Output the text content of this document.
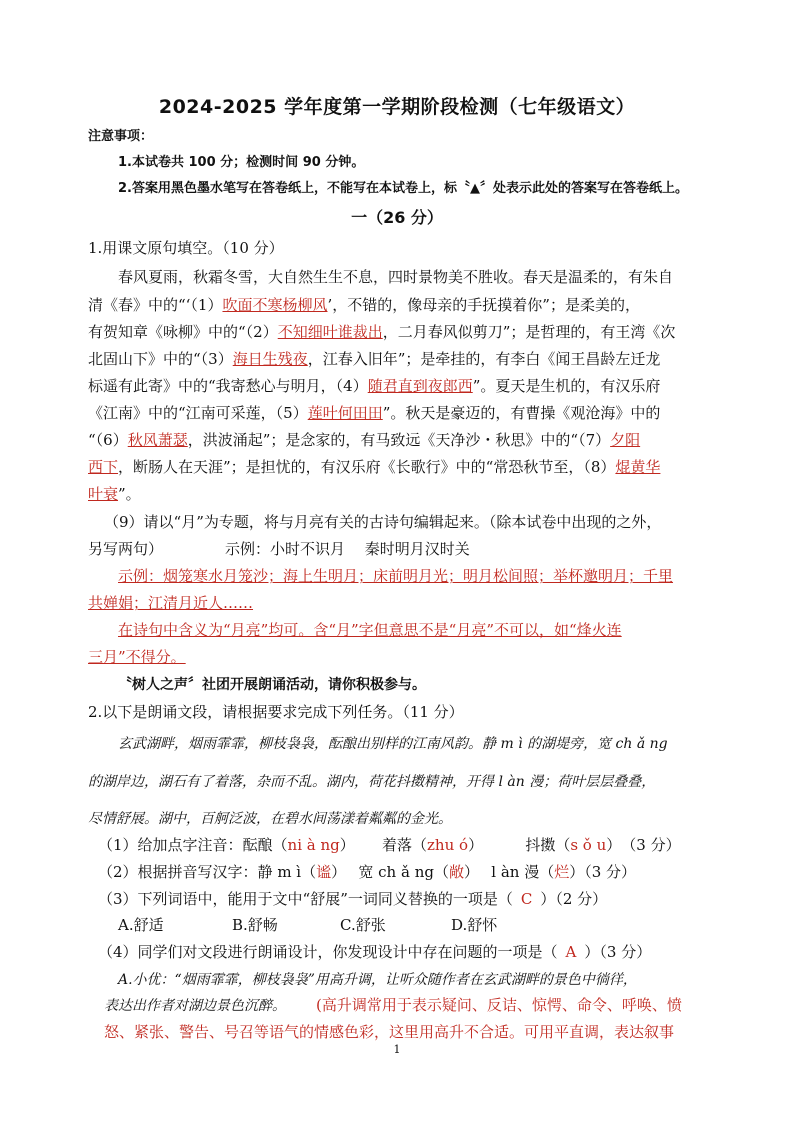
2024-2025 学年度第一学期阶段检测（七年级语文）
注意事项：
1.本试卷共 100 分；检测时间 90 分钟。
2.答案用黑色墨水笔写在答卷纸上，不能写在本试卷上，标〝▲〞处表示此处的答案写在答卷纸上。
一（26 分）
1.用课文原句填空。（10 分）
春风夏雨，秋霜冬雪，大自然生生不息，四时景物美不胜收。春天是温柔的，有朱自
清《春》中的“‘（1）吹面不寒杨柳风’，不错的，像母亲的手抚摸着你”；是柔美的，
有贺知章《咏柳》中的“（2）不知细叶谁裁出，二月春风似剪刀”；是哲理的，有王湾《次
北固山下》中的“（3）海日生残夜，江春入旧年”；是牵挂的，有李白《闻王昌龄左迁龙
标遥有此寄》中的“我寄愁心与明月，（4）随君直到夜郎西”。夏天是生机的，有汉乐府
《江南》中的“江南可采莲，（5）莲叶何田田”。秋天是豪迈的，有曹操《观沧海》中的
“（6）秋风萧瑟，洪波涌起”；是念家的，有马致远《天净沙・秋思》中的“（7）夕阳
西下，断肠人在天涯”；是担忧的，有汉乐府《长歌行》中的“常恐秋节至，（8）焜黄华
叶衰”。
（9）请以“月”为专题，将与月亮有关的古诗句编辑起来。（除本试卷中出现的之外，
另写两句）	示例：小时不识月　 秦时明月汉时关
示例：烟笼寒水月笼沙；海上生明月；床前明月光；明月松间照；举杯邀明月；千里
共婵娟；江清月近人……
在诗句中含义为“月亮”均可。含“月”字但意思不是“月亮”不可以，如“烽火连
三月”不得分。
〝树人之声〞社团开展朗诵活动，请你积极参与。
2.以下是朗诵文段，请根据要求完成下列任务。（11 分）
玄武湖畔，烟雨霏霏，柳枝袅袅，酝酿出别样的江南风韵。静 m ì 的湖堤旁，宽 ch ǎ ng
的湖岸边，湖石有了着落，杂而不乱。湖内，荷花抖擞精神，开得 l àn 漫；荷叶层层叠叠，
尽情舒展。湖中，百舸泛波，在碧水间荡漾着粼粼的金光。
（1）给加点字注音：酝酿（ni à ng）　　 着落（zhu ó）　　　 抖擞（s ǒ u）　（3 分）
（2）根据拼音写汉字：静 m ì（谧）　 宽 ch ǎ ng（敞）　 l àn 漫（烂）（3 分）
（3）下列词语中，能用于文中“舒展”一词同义替换的一项是（ C ）（2 分）
A.舒适	B.舒畅	C.舒张	D.舒怀
（4）同学们对文段进行朗诵设计，你发现设计中存在问题的一项是（ A ）（3 分）
A.小优：“烟雨霏霏，柳枝袅袅”用高升调，让听众随作者在玄武湖畔的景色中徜徉，
表达出作者对湖边景色沉醉。 (高升调常用于表示疑问、反诘、惊愕、命令、呼唤、愤
怒、紧张、警告、号召等语气的情感色彩，这里用高升不合适。可用平直调，表达叙事
1
